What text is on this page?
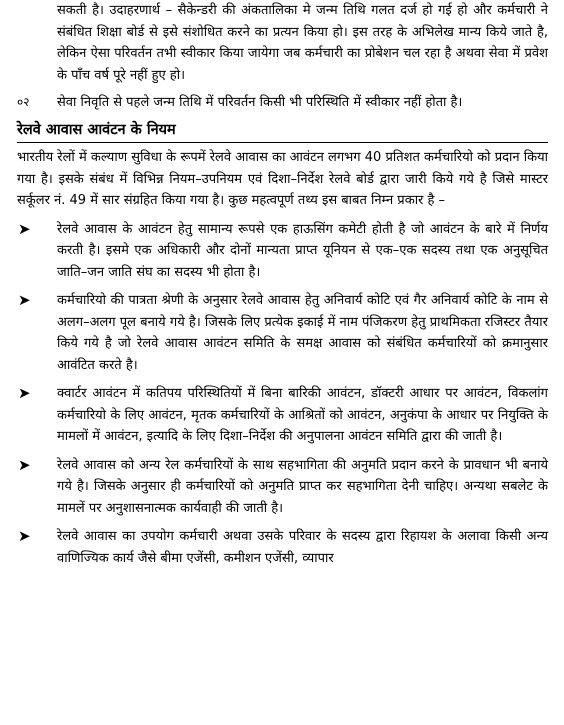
सकती है। उदाहरणार्थ – सैकेन्डरी की अंकतालिका मे जन्म तिथि गलत दर्ज हो गई हो और कर्मचारी ने संबंधित शिक्षा बोर्ड से इसे संशोधित करने का प्रत्यन किया हो। इस तरह के अभिलेख मान्य किये जाते है, लेकिन ऐसा परिवर्तन तभी स्वीकार किया जायेगा जब कर्मचारी का प्रोबेशन चल रहा है अथवा सेवा में प्रवेश के पाँच वर्ष पूरे नहीं हुए हो।

०२	सेवा निवृति से पहले जन्म तिथि में परिवर्तन किसी भी परिस्थिति में स्वीकार नहीं होता है।
रेलवे आवास आवंटन के नियम

भारतीय रेलों में कल्याण सुविधा के रूपमें रेलवे आवास का आवंटन लगभग 40 प्रतिशत कर्मचारियो को प्रदान किया गया है। इसके संबंध में विभिन्न नियम–उपनियम एवं दिशा–निर्देश रेलवे बोर्ड द्वारा जारी किये गये है जिसे मास्टर सर्कूलर नं. 49 में सार संग्रहित किया गया है। कुछ महत्वपूर्ण तथ्य इस बाबत निम्न प्रकार है –

➤ रेलवे आवास के आवंटन हेतु सामान्य रूपसे एक हाऊसिंग कमेटी होती है जो आवंटन के बारे में निर्णय करती है। इसमे एक अधिकारी और दोनों मान्यता प्राप्त यूनियन से एक–एक सदस्य तथा एक अनुसूचित जाति–जन जाति संघ का सदस्य भी होता है।
➤ कर्मचारियो की पात्रता श्रेणी के अनुसार रेलवे आवास हेतु अनिवार्य कोटि एवं गैर अनिवार्य कोटि के नाम से अलग–अलग पूल बनाये गये है। जिसके लिए प्रत्येक इकाई में नाम पंजिकरण हेतु प्राथमिकता रजिस्टर तैयार किये गये है जो रेलवे आवास आवंटन समिति के समक्ष आवास को संबंधित कर्मचारियों को क्रमानुसार आवंटित करते है।
➤ क्वार्टर आवंटन में कतिपय परिस्थितियों में बिना बारिकी आवंटन, डॉक्टरी आधार पर आवंटन, विकलांग कर्मचारियो के लिए आवंटन, मृतक कर्मचारियों के आश्रितों को आवंटन, अनुकंपा के आधार पर नियुक्ति के मामलों में आवंटन, इत्यादि के लिए दिशा–निर्देश की अनुपालना आवंटन समिति द्वारा की जाती है।
➤ रेलवे आवास को अन्य रेल कर्मचारियों के साथ सहभागिता की अनुमति प्रदान करने के प्रावधान भी बनाये गये है। जिसके अनुसार ही कर्मचारियों को अनुमति प्राप्त कर सहभागिता देनी चाहिए। अन्यथा सबलेट के मामलें पर अनुशासनात्मक कार्यवाही की जाती है।
➤ रेलवे आवास का उपयोग कर्मचारी अथवा उसके परिवार के सदस्य द्वारा रिहायश के अलावा किसी अन्य वाणिज्यिक कार्य जैसे बीमा एजेंसी, कमीशन एजेंसी, व्यापार
